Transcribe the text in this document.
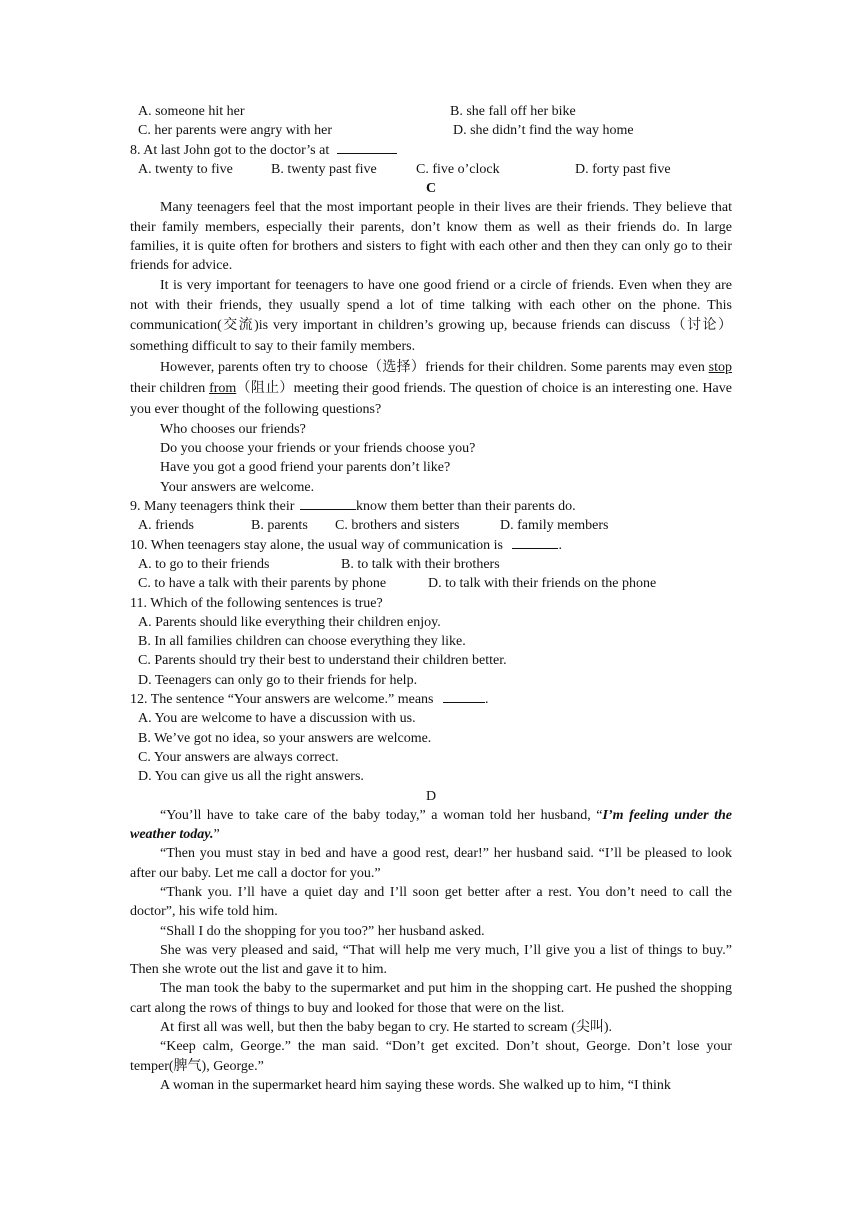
A. someone hit her	B. she fall off her bike
C. her parents were angry with her	D. she didn’t find the way home
8. At last John got to the doctor’s at
A. twenty to five	B. twenty past five	C. five o’clock	D. forty past five
C

Many teenagers feel that the most important people in their lives are their friends. They believe that their family members, especially their parents, don’t know them as well as their friends do. In large families, it is quite often for brothers and sisters to fight with each other and then they can only go to their friends for advice.

It is very important for teenagers to have one good friend or a circle of friends. Even when they are not with their friends, they usually spend a lot of time talking with each other on the phone. This communication(交流)is very important in children’s growing up, because friends can discuss（讨论）something difficult to say to their family members.

However, parents often try to choose（选择）friends for their children. Some parents may even stop their children from（阻止）meeting their good friends. The question of choice is an interesting one. Have you ever thought of the following questions?

Who chooses our friends?
Do you choose your friends or your friends choose you?
Have you got a good friend your parents don’t like?
Your answers are welcome.
9. Many teenagers think their	know them better than their parents do.
A. friends	B. parents C. brothers and sisters	D. family members
10. When teenagers stay alone, the usual way of communication is	.
A. to go to their friends	B. to talk with their brothers
C. to have a talk with their parents by phone	D. to talk with their friends on the phone
11. Which of the following sentences is true?
A. Parents should like everything their children enjoy.
B. In all families children can choose everything they like.
C. Parents should try their best to understand their children better.
D. Teenagers can only go to their friends for help.
12. The sentence “Your answers are welcome.” means	.
A. You are welcome to have a discussion with us.
B. We’ve got no idea, so your answers are welcome.
C. Your answers are always correct.
D. You can give us all the right answers.
D

“You’ll have to take care of the baby today,” a woman told her husband, “I’m feeling under the weather today.”

“Then you must stay in bed and have a good rest, dear!” her husband said. “I’ll be pleased to look after our baby. Let me call a doctor for you.”

“Thank you. I’ll have a quiet day and I’ll soon get better after a rest. You don’t need to call the doctor”, his wife told him.

“Shall I do the shopping for you too?” her husband asked.

She was very pleased and said, “That will help me very much, I’ll give you a list of things to buy.” Then she wrote out the list and gave it to him.

The man took the baby to the supermarket and put him in the shopping cart. He pushed the shopping cart along the rows of things to buy and looked for those that were on the list.

At first all was well, but then the baby began to cry. He started to scream (尖叫).

“Keep calm, George.” the man said. “Don’t get excited. Don’t shout, George. Don’t lose your temper(脾气), George.”

A woman in the supermarket heard him saying these words. She walked up to him, “I think
